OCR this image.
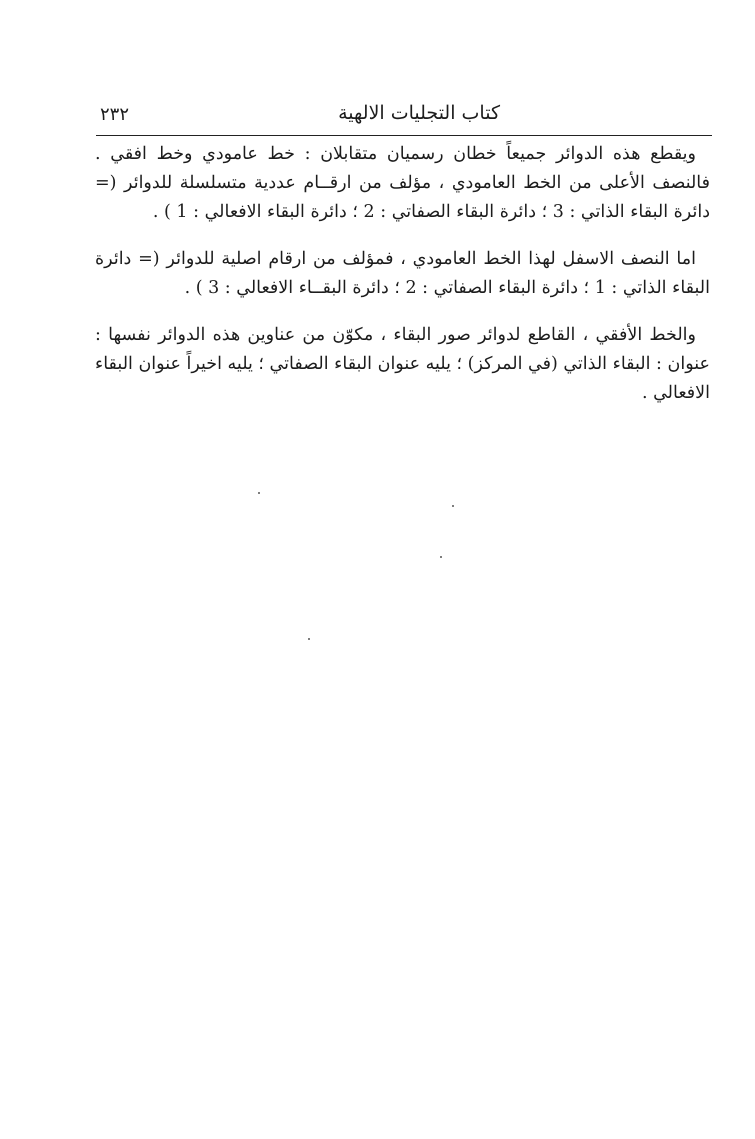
كتاب التجليات الالهية
٢٣٢

ويقطع هذه الدوائر جميعاً خطان رسميان متقابلان : خط عامودي وخط افقي . فالنصف الأعلى من الخط العامودي ، مؤلف من ارقــام عددية متسلسلة للدوائر (= دائرة البقاء الذاتي : 3 ؛ دائرة البقاء الصفاتي : 2 ؛ دائرة البقاء الافعالي : 1 ) .

اما النصف الاسفل لهذا الخط العامودي ، فمؤلف من ارقام اصلية للدوائر (= دائرة البقاء الذاتي : 1 ؛ دائرة البقاء الصفاتي : 2 ؛ دائرة البقــاء الافعالي : 3 ) .

والخط الأفقي ، القاطع لدوائر صور البقاء ، مكوّن من عناوين هذه الدوائر نفسها : عنوان : البقاء الذاتي (في المركز) ؛ يليه عنوان البقاء الصفاتي ؛ يليه اخيراً عنوان البقاء الافعالي .
